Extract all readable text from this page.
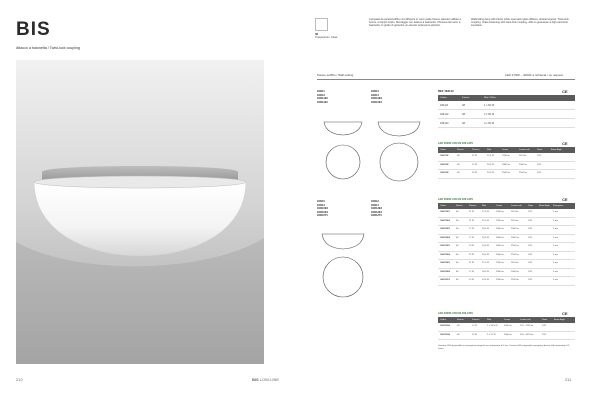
BIS
Attacco a baionetta / Twist-lock coupling
210
48
Trasparente / Clear
Lampada da parete/soffitto con diffusore in vetro opale bianco satinato soffiato a bocca, a doppio strato. Montaggio con attacco a baionetta. Chiusura del vetro a baionetta. In grado di garantire un elevato isolamento elettrico.
Wall/ceiling lamp with blown white opal satin glass diffuser, double layered. Twist-lock coupling. Glass fastening with twist-lock coupling. Able to guarantee a high electrical insulation.
Parete-soffitto / Wall-ceiling	LED 2700K - 4000K a richiesta / on request
184111
184113
184111E3
184111E4
184112
184114
184112E3
184112E4
184110
184113
184110E3
184110E4
184110T4
184112
184114
184112E3
184112E4
184112T4
REF 184110
Codice	Finitura	Watt / Watts
184111	48	1 x 60 W
184112	48	2 x 60 W
184113	48	3 x 60 W
CE
LED 3000K CRI>80 230-240V
Codice	Finitura	Potenza	Watt	Lumen	Lumen reali	Dimm	Beam Angle
184111E	48	11 W	12,5 W	1250 lm	1110 lm	120°
184112E	48	17 W	18,5 W	1800 lm	1650 lm	120°
184113E	48	22 W	24,5 W	2500 lm	2150 lm	120°
CE
LED 3000K CRI>80 230-240V
Codice	Finitura	Potenza	Watt	Lumen	Lumen reali	Dimm	Beam Angle	Emergenza
184111E3	48	11 W	12,5 W	1250 lm	1110 lm	120°	3 ore
184111E4	48	11 W	12,5 W	1250 lm	1110 lm	120°	3 ore
184112E3	48	17 W	18,5 W	1800 lm	1650 lm	120°	3 ore
184112E4	48	17 W	18,5 W	1800 lm	1650 lm	120°	3 ore
184113E3	48	22 W	24,5 W	2500 lm	2150 lm	120°	3 ore
184113E4	48	22 W	24,5 W	2500 lm	2150 lm	120°	3 ore
184110E3	48	11 W	12,5 W	1250 lm	1110 lm	120°	3 ore
184110E4	48	17 W	18,5 W	1800 lm	1650 lm	120°	3 ore
184110T4	48	22 W	24,5 W	2500 lm	2150 lm	120°	3 ore
CE
LED 3000K CRI>80 230-240V
Codice	Finitura	Potenza	Watt	Lumen	Lumen reali	Dimm	Beam Angle
184110S4	48	17 W	1 x 18,5 W	2200 lm	270 - 1125 lm	120°
184112S4	48	22 W	2 x 27 W	2500 lm	270 - 4070 lm	120°
CE
Versione LED disponibile in emergenza integrata con autonomia di 3 ore. Version LED integrated emergency device with autonomy of 3 hours.
BIS LOW-LINE	211
